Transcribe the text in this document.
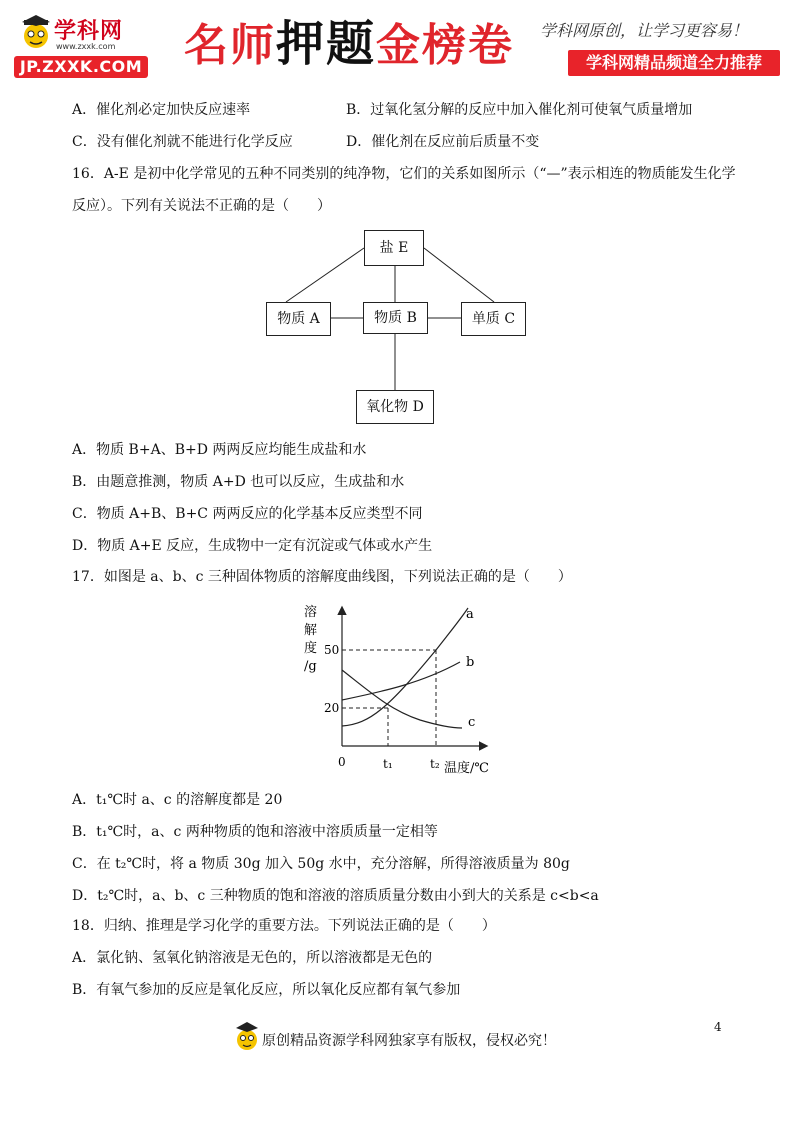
学科网
www.zxxk.com
JP.ZXXK.COM 名师押题金榜卷 学科网原创，让学习更容易！
学科网精品频道全力推荐
A．催化剂必定加快反应速率	B．过氧化氢分解的反应中加入催化剂可使氧气质量增加
C．没有催化剂就不能进行化学反应	D．催化剂在反应前后质量不变
16．A-E 是初中化学常见的五种不同类别的纯净物，它们的关系如图所示（“—”表示相连的物质能发生化学
反应）。下列有关说法不正确的是（　　）
盐 E
物质 A	物质 B	单质 C
氧化物 D
A．物质 B+A、B+D 两两反应均能生成盐和水
B．由题意推测，物质 A+D 也可以反应，生成盐和水
C．物质 A+B、B+C 两两反应的化学基本反应类型不同
D．物质 A+E 反应，生成物中一定有沉淀或气体或水产生
17．如图是 a、b、c 三种固体物质的溶解度曲线图，下列说法正确的是（　　）
溶
解
度
/g
50
20
0	t₁	t₂ 温度/℃
a
b
c
A．t₁℃时 a、c 的溶解度都是 20
B．t₁℃时，a、c 两种物质的饱和溶液中溶质质量一定相等
C．在 t₂℃时，将 a 物质 30g 加入 50g 水中，充分溶解，所得溶液质量为 80g
D．t₂℃时，a、b、c 三种物质的饱和溶液的溶质质量分数由小到大的关系是 c<b<a
18．归纳、推理是学习化学的重要方法。下列说法正确的是（　　）
A．氯化钠、氢氧化钠溶液是无色的，所以溶液都是无色的
B．有氧气参加的反应是氧化反应，所以氧化反应都有氧气参加
4
原创精品资源学科网独家享有版权，侵权必究！
